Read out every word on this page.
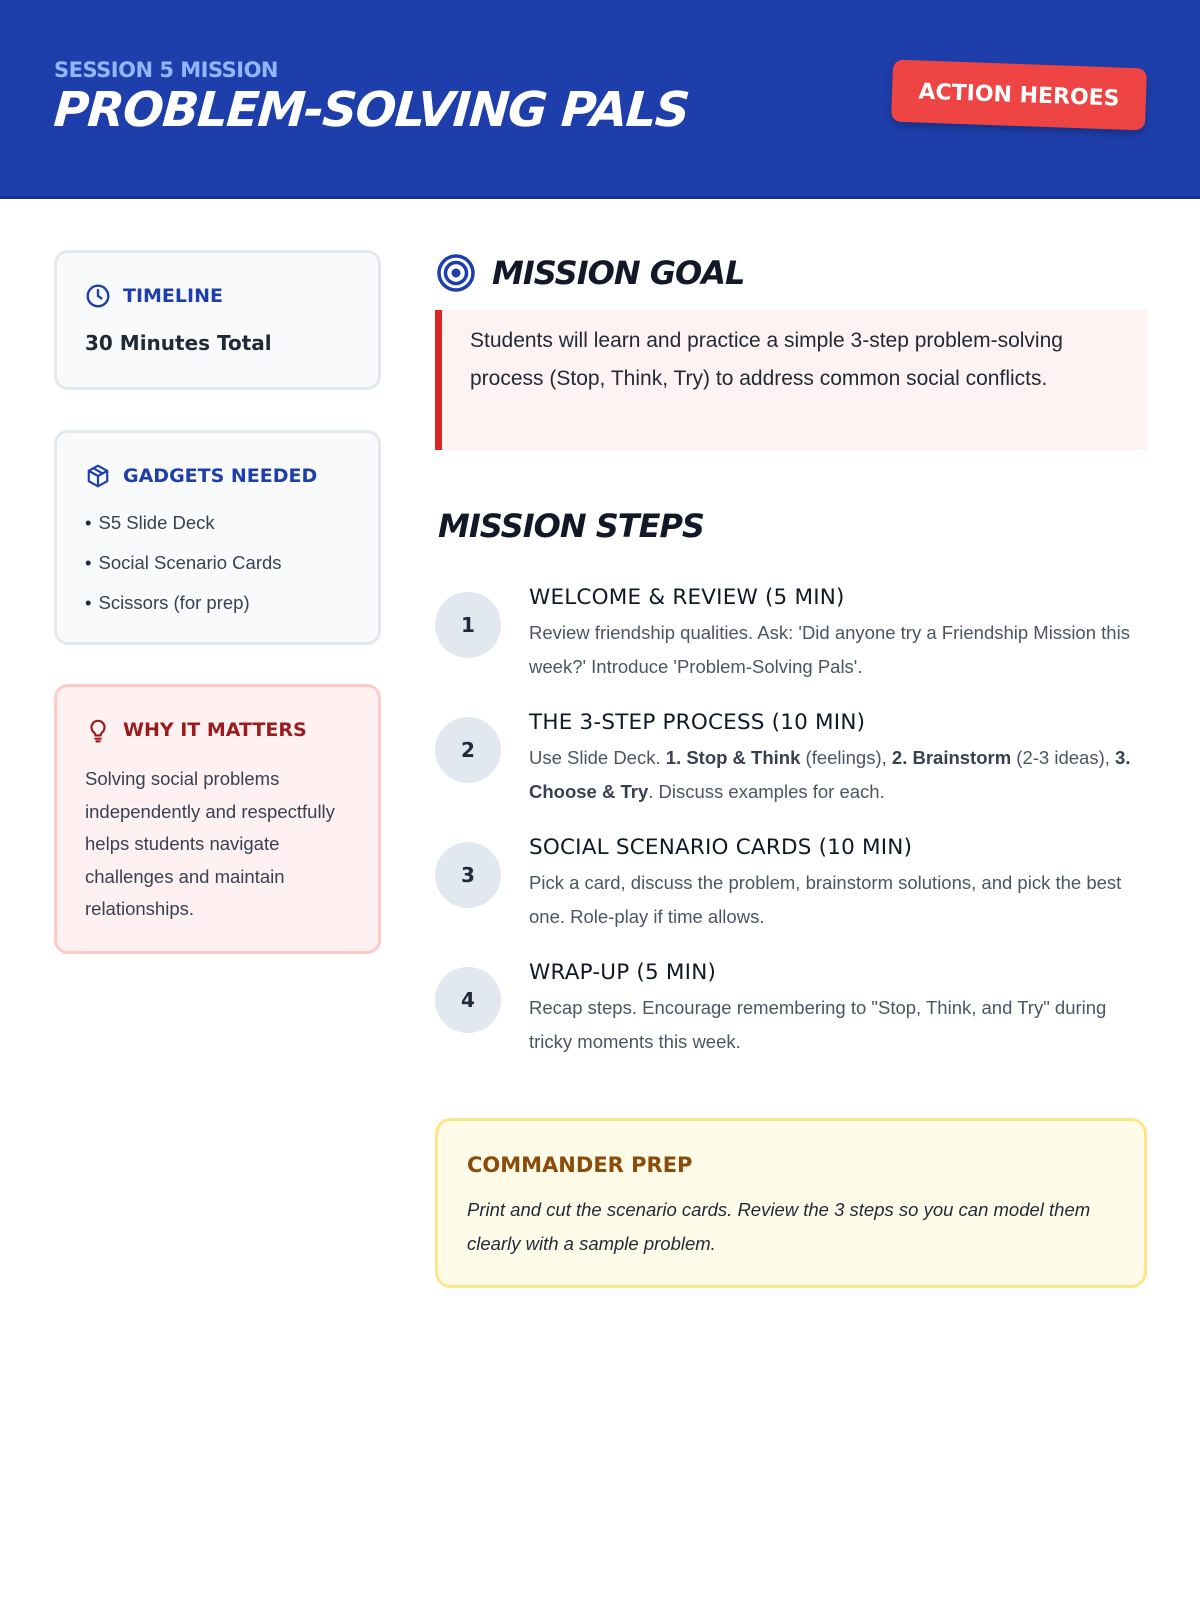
SESSION 5 MISSION
PROBLEM-SOLVING PALS	ACTION HEROES
TIMELINE
30 Minutes Total
GADGETS NEEDED
• S5 Slide Deck
• Social Scenario Cards
• Scissors (for prep)
WHY IT MATTERS
Solving social problems independently and respectfully helps students navigate challenges and maintain relationships.
MISSION GOAL
Students will learn and practice a simple 3-step problem-solving process (Stop, Think, Try) to address common social conflicts.
MISSION STEPS
1
WELCOME & REVIEW (5 MIN)
Review friendship qualities. Ask: 'Did anyone try a Friendship Mission this week?' Introduce 'Problem-Solving Pals'.
2
THE 3-STEP PROCESS (10 MIN)
Use Slide Deck. 1. Stop & Think (feelings), 2. Brainstorm (2-3 ideas), 3. Choose & Try. Discuss examples for each.
3
SOCIAL SCENARIO CARDS (10 MIN)
Pick a card, discuss the problem, brainstorm solutions, and pick the best one. Role-play if time allows.
4
WRAP-UP (5 MIN)
Recap steps. Encourage remembering to "Stop, Think, and Try" during tricky moments this week.
COMMANDER PREP
Print and cut the scenario cards. Review the 3 steps so you can model them clearly with a sample problem.
